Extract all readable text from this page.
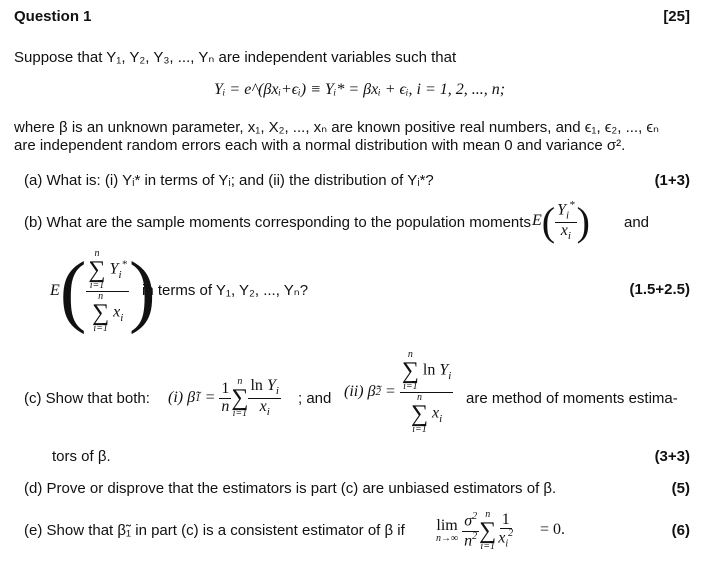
Question 1	[25]
Suppose that Y₁, Y₂, Y₃, ..., Yₙ are independent variables such that
Yᵢ = e^(βxᵢ+ϵᵢ) ≡ Yᵢ* = βxᵢ + ϵᵢ, i = 1, 2, ..., n;
where β is an unknown parameter, x₁, X₂, ..., xₙ are known positive real numbers, and ϵ₁, ϵ₂, ..., ϵₙ
are independent random errors each with a normal distribution with mean 0 and variance σ².
(a) What is: (i) Yᵢ* in terms of Yᵢ; and (ii) the distribution of Yᵢ*?	(1+3)
(b) What are the sample moments corresponding to the population moments E ( $\frac{Y_i^*}{x_i}$ ) and
E ( n
∑
i=1
$Y_i^*$
n
∑
i=1
$x_i$ )
in terms of Y₁, Y₂, ..., Yₙ?	(1.5+2.5)
(c) Show that both: (i) β̃ $1 = \frac{1}{n}$ n
∑
$i=1 \frac{\ln Y_i}{x_i}$ ; and (ii) β̃ 2 = n
∑
i=1
$\ln Y_i$
n
∑
i=1
$x_i$ are method of moments estima-
tors of β.	(3+3)
(d) Prove or disprove that the estimators is part (c) are unbiased estimators of β.	(5)
(e) Show that β̃₁ in part (c) is a consistent estimator of β if lim
n→∞
$\frac{\sigma^2}{n^2}$ n
∑
$i=1 \frac{1}{x_i^2} = 0$.	(6)
